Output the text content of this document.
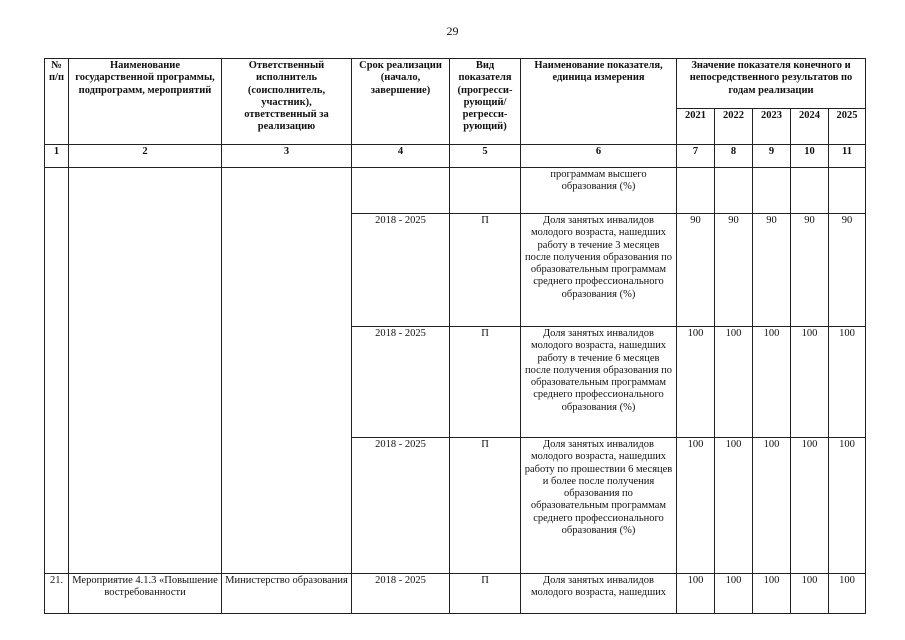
29
№ п/п	Наименование государственной программы, подпрограмм, мероприятий	Ответственный исполнитель (соисполнитель, участник), ответственный за реализацию	Срок реализации (начало, завершение)	Вид показателя (прогресси-рующий/ регресси-рующий)	Наименование показателя, единица измерения	Значение показателя конечного и непосредственного результатов по годам реализации				
						2021	2022	2023	2024	2025
1	2	3	4	5	6	7	8	9	10	11
					программам высшего образования (%)					
			2018 - 2025	П	Доля занятых инвалидов молодого возраста, нашедших работу в течение 3 месяцев после получения образования по образовательным программам среднего профессионального образования (%)	90	90	90	90	90
			2018 - 2025	П	Доля занятых инвалидов молодого возраста, нашедших работу в течение 6 месяцев после получения образования по образовательным программам среднего профессионального образования (%)	100	100	100	100	100
			2018 - 2025	П	Доля занятых инвалидов молодого возраста, нашедших работу по прошествии 6 месяцев и более после получения образования по образовательным программам среднего профессионального образования (%)	100	100	100	100	100
21.	Мероприятие 4.1.3 «Повышение востребованности	Министерство образования	2018 - 2025	П	Доля занятых инвалидов молодого возраста, нашедших	100	100	100	100	100
